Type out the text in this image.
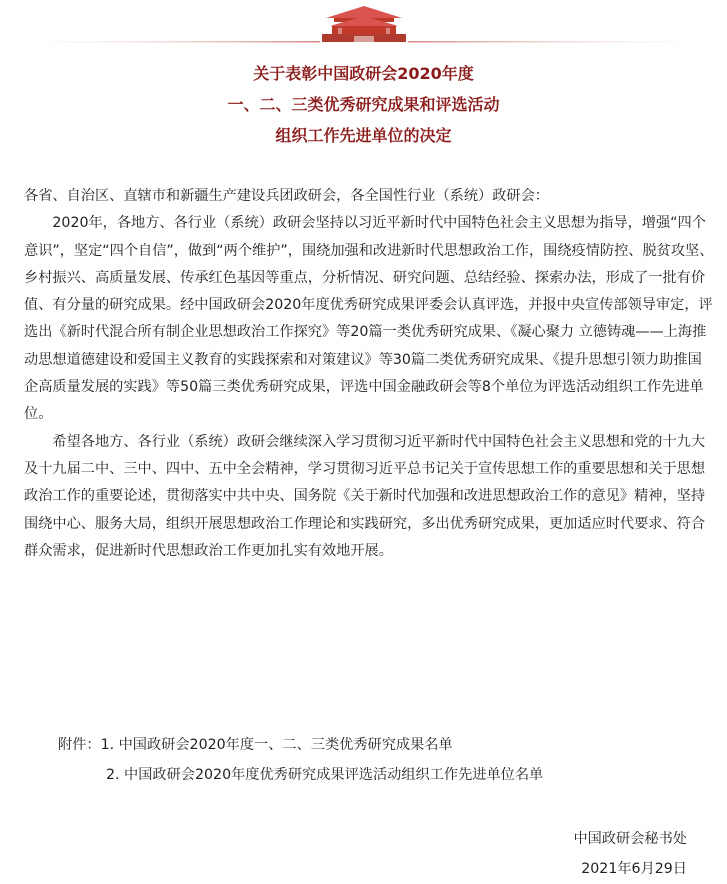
关于表彰中国政研会2020年度
一、二、三类优秀研究成果和评选活动
组织工作先进单位的决定

各省、自治区、直辖市和新疆生产建设兵团政研会，各全国性行业（系统）政研会：

2020年，各地方、各行业（系统）政研会坚持以习近平新时代中国特色社会主义思想为指导，增强“四个意识”，坚定“四个自信”，做到“两个维护”，围绕加强和改进新时代思想政治工作，围绕疫情防控、脱贫攻坚、乡村振兴、高质量发展、传承红色基因等重点，分析情况、研究问题、总结经验、探索办法，形成了一批有价值、有分量的研究成果。经中国政研会2020年度优秀研究成果评委会认真评选，并报中央宣传部领导审定，评选出《新时代混合所有制企业思想政治工作探究》等20篇一类优秀研究成果、《凝心聚力 立德铸魂——上海推动思想道德建设和爱国主义教育的实践探索和对策建议》等30篇二类优秀研究成果、《提升思想引领力助推国企高质量发展的实践》等50篇三类优秀研究成果，评选中国金融政研会等8个单位为评选活动组织工作先进单位。

希望各地方、各行业（系统）政研会继续深入学习贯彻习近平新时代中国特色社会主义思想和党的十九大及十九届二中、三中、四中、五中全会精神，学习贯彻习近平总书记关于宣传思想工作的重要思想和关于思想政治工作的重要论述，贯彻落实中共中央、国务院《关于新时代加强和改进思想政治工作的意见》精神，坚持围绕中心、服务大局，组织开展思想政治工作理论和实践研究，多出优秀研究成果，更加适应时代要求、符合群众需求，促进新时代思想政治工作更加扎实有效地开展。

附件：1. 中国政研会2020年度一、二、三类优秀研究成果名单
2. 中国政研会2020年度优秀研究成果评选活动组织工作先进单位名单
中国政研会秘书处
2021年6月29日
